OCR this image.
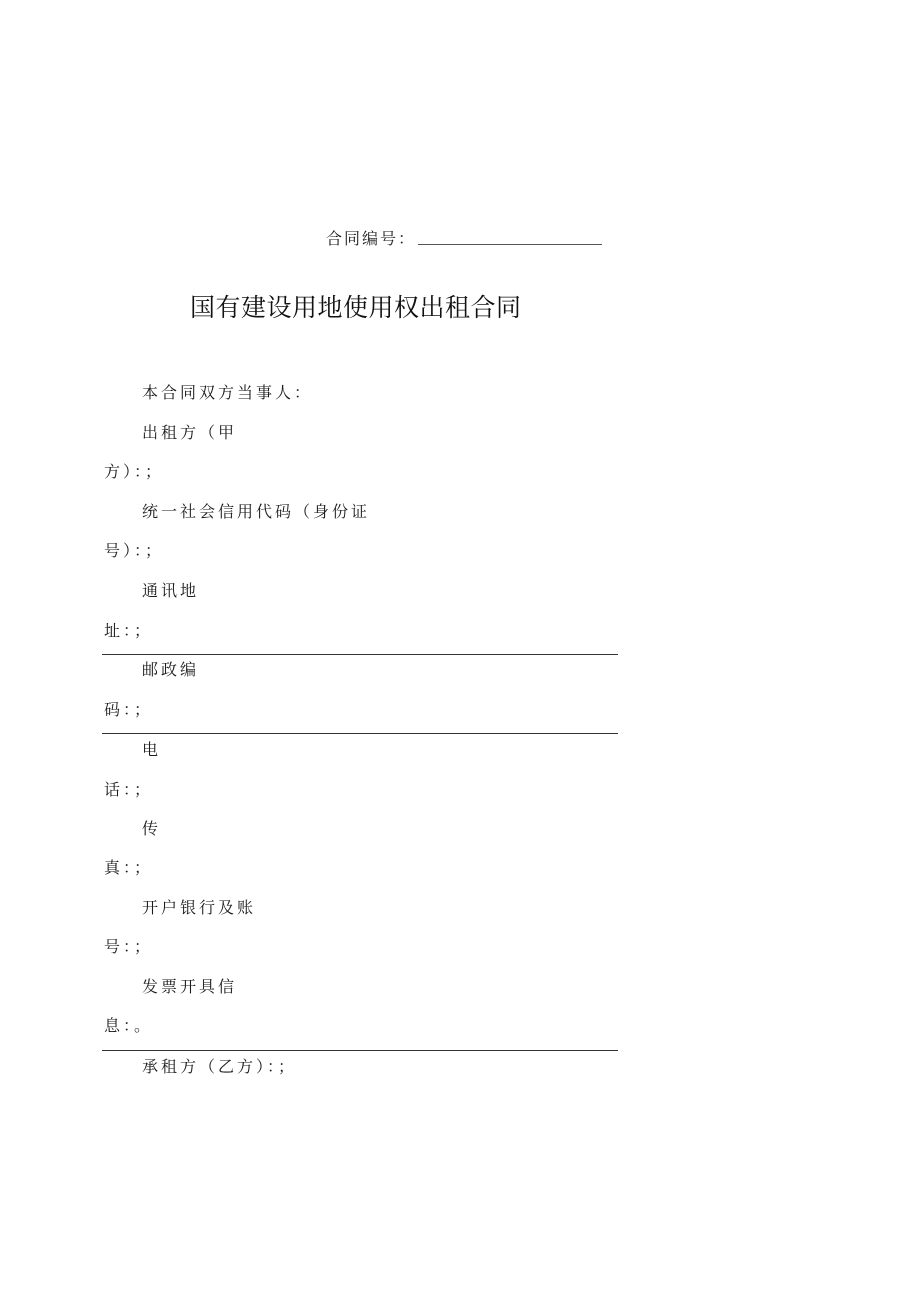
合同编号：
国有建设用地使用权出租合同
本合同双方当事人：
出租方（甲
方）：；
统一社会信用代码（身份证
号）：；
通讯地
址：；
邮政编
码：；
电
话：；
传
真：；
开户银行及账
号：；
发票开具信
息：。
承租方（乙方）：；
